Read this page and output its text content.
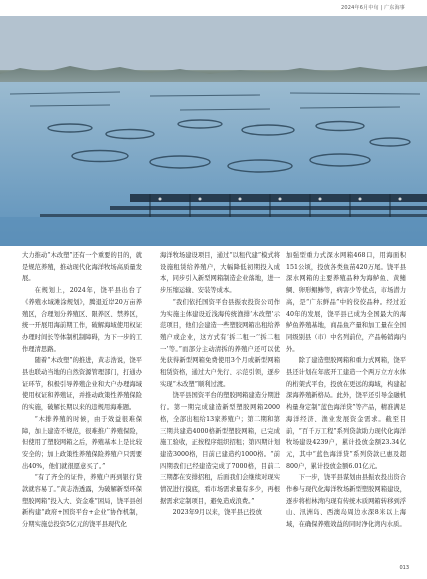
2024年6月中旬 | 广东海事

大力推动“木改塑”还有一个重要的目的，就是规范养殖，推动现代化海洋牧场高质量发展。

在规划上，2024年，饶平县出台了《养殖水域滩涂规划》，腾退近岸20万亩养殖区，合理划分养殖区、限养区、禁养区，统一开展用海前期工作，破解海域使用权证办理时间长等体制机制障碍，为下一步的工作理清思路。

随着“木改塑”的推进，黄志浩说，饶平县也联动当地的自然资源管理部门，打通办证环节，积极引导养殖企业和大户办理海域使用权证和养殖证，并推动政策性养殖保险的实施，破解长期以来的违规用海难题。

“木排养殖的时候，由于效益很难保障，加上建造不规范，很难推广养殖保险，但使用了塑胶网箱之后，养殖基本上是比较安全的；加上政策性养殖保险养殖户只需要出40%，他们就很愿意买了。”

“有了齐全的证件，养殖户再到银行贷款就容易了。”黄志浩透露，为破解新型环保塑胶网箱“投入大、资金难”困局，饶平县创新构建“政府+国资平台+企业”协作机制，分期实施总投资5亿元的饶平县现代化

海洋牧场建设项目，通过“以租代建”模式将设施租赁给养殖户，大幅降低初期投入成本，同步引入新型网箱制造企业落地，进一步压缩运输、安装等成本。

“我们依托国资平台县振农投资公司作为实施主体建设近浅海传统渔排‘木改塑’示范项目，他们会建造一些塑胶网箱出租给养殖户或企业，这方式有‘拆二租一’‘拆二租一’等。”而部分主动清拆的养殖户还可以优先获得新型网箱免费使用3个月或新型网箱租赁资格，通过大户先行、示范引领，逐步实现“木改塑”顺利过渡。

饶平县国资平台的塑胶网箱建造分期进行。第一期完成建造新型塑胶网箱2000格，全部出租给13家养殖户；第二期和第三期共建造4000格新型塑胶网箱，已完成施工验收，正按程序组织招租；第四期计划建造3000格，目前已建造约1000格。“前四期我们已经建造完成了7000格，目前二三期都在安排招租，后面我们会继续对现实情况进行摸底，看市场需求量有多少，再根据需求定制项目，避免造成浪费。”

2023年9月以来，饶平县已投放

加强型重力式深水网箱468口，用海面积151公顷，投放各类鱼苗420万尾。饶平县深水网箱的主要养殖品种为海鲈鱼、黄鳍鲷、卵形鲳鲹等，病害少等优点，市场潜力高，是“广东鲜品”中的佼佼品种。经过近40年的发展，饶平县已成为全国最大的海鲈鱼养殖基地，商品鱼产量和加工量在全国同级别县（市）中名列前位，产品畅销海内外。

除了建造塑胶网箱和重力式网箱，饶平县还计划在年底开工建造一个两万立方水体的桁架式平台，投放在更远的海域，构建起深海养殖新格局。此外，饶平还引导金融机构量身定制“蓝色海洋贷”等产品，精准满足海洋经济、渔业发展资金需求。截至目前，“百千万工程”系列贷款助力现代化海洋牧场建设4239户，累计投放金额23.34亿元，其中“蓝色海洋贷”系列贷款已惠及超800户，累计投放金额6.01亿元。

下一步，饶平县谋划由县振农投出资合作参与现代化海洋牧场新型塑胶网箱建设，逐步将桁林湾内现有传统木质网箱转移到浮山、汛洲岛、西澳岛周边水深8米以上海域，在确保养殖效益的同时净化湾内水质。

013
